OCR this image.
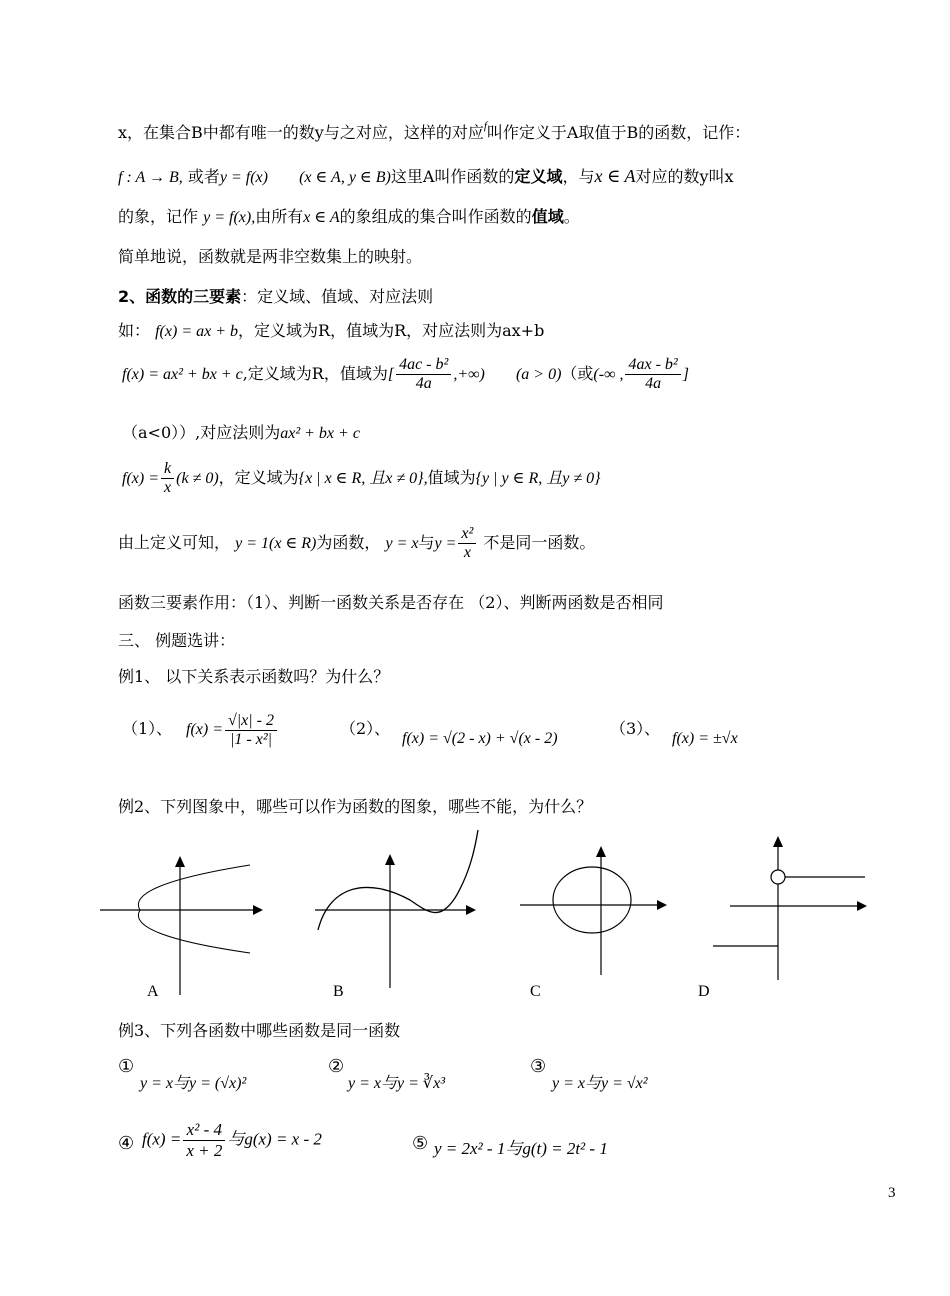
x，在集合B中都有唯一的数y与之对应，这样的对应$^f$叫作定义于A取值于B的函数，记作：
f : A → B, 或者y = f(x) (x ∈ A, y ∈ B)这里A叫作函数的定义域，与x ∈ A对应的数y叫x
的象，记作 y = f(x),由所有x ∈ A的象组成的集合叫作函数的值域。
简单地说，函数就是两非空数集上的映射。
2、函数的三要素：定义域、值域、对应法则
如： f(x) = ax + b，定义域为R，值域为R，对应法则为ax+b
f(x) = ax² + bx + c,定义域为R，值域为[ $\frac{\text{4ac - b²}}{4a}$ ,+∞) (a > 0)（或(-∞ , $\frac{\text{4ax - b²}}{4a}$ ]
（a<0））,对应法则为ax² + bx + c
$f(x) = \frac{k}{x} (k \ne 0)$，定义域为{x | x ∈ R, 且x ≠ 0},值域为{y | y ∈ R, 且y ≠ 0}
由上定义可知， y = 1(x ∈ R)为函数， y = x与$y = \frac{\text{x²}}{x}$ 不是同一函数。
函数三要素作用：（1）、判断一函数关系是否存在 （2）、判断两函数是否相同
三、 例题选讲：
例1、 以下关系表示函数吗？为什么？
（1）、 $f(x) = \frac{√|x| - 2}{\text{|1 - x²|}}$	（2）、
f(x) = √(2 - x) + √(x - 2)
（3）、
f(x) = ±√x
例2、下列图象中，哪些可以作为函数的图象，哪些不能，为什么？
A	B	C	D
例3、下列各函数中哪些函数是同一函数
①
y = x与y = (√x)²
②
y = x与y = ∛x³
③
y = x与y = √x²
④ $f(x) = \frac{\text{x² - 4}}{x + 2}$ 与g(x) = x - 2	⑤ y = 2x² - 1与g(t) = 2t² - 1
3
